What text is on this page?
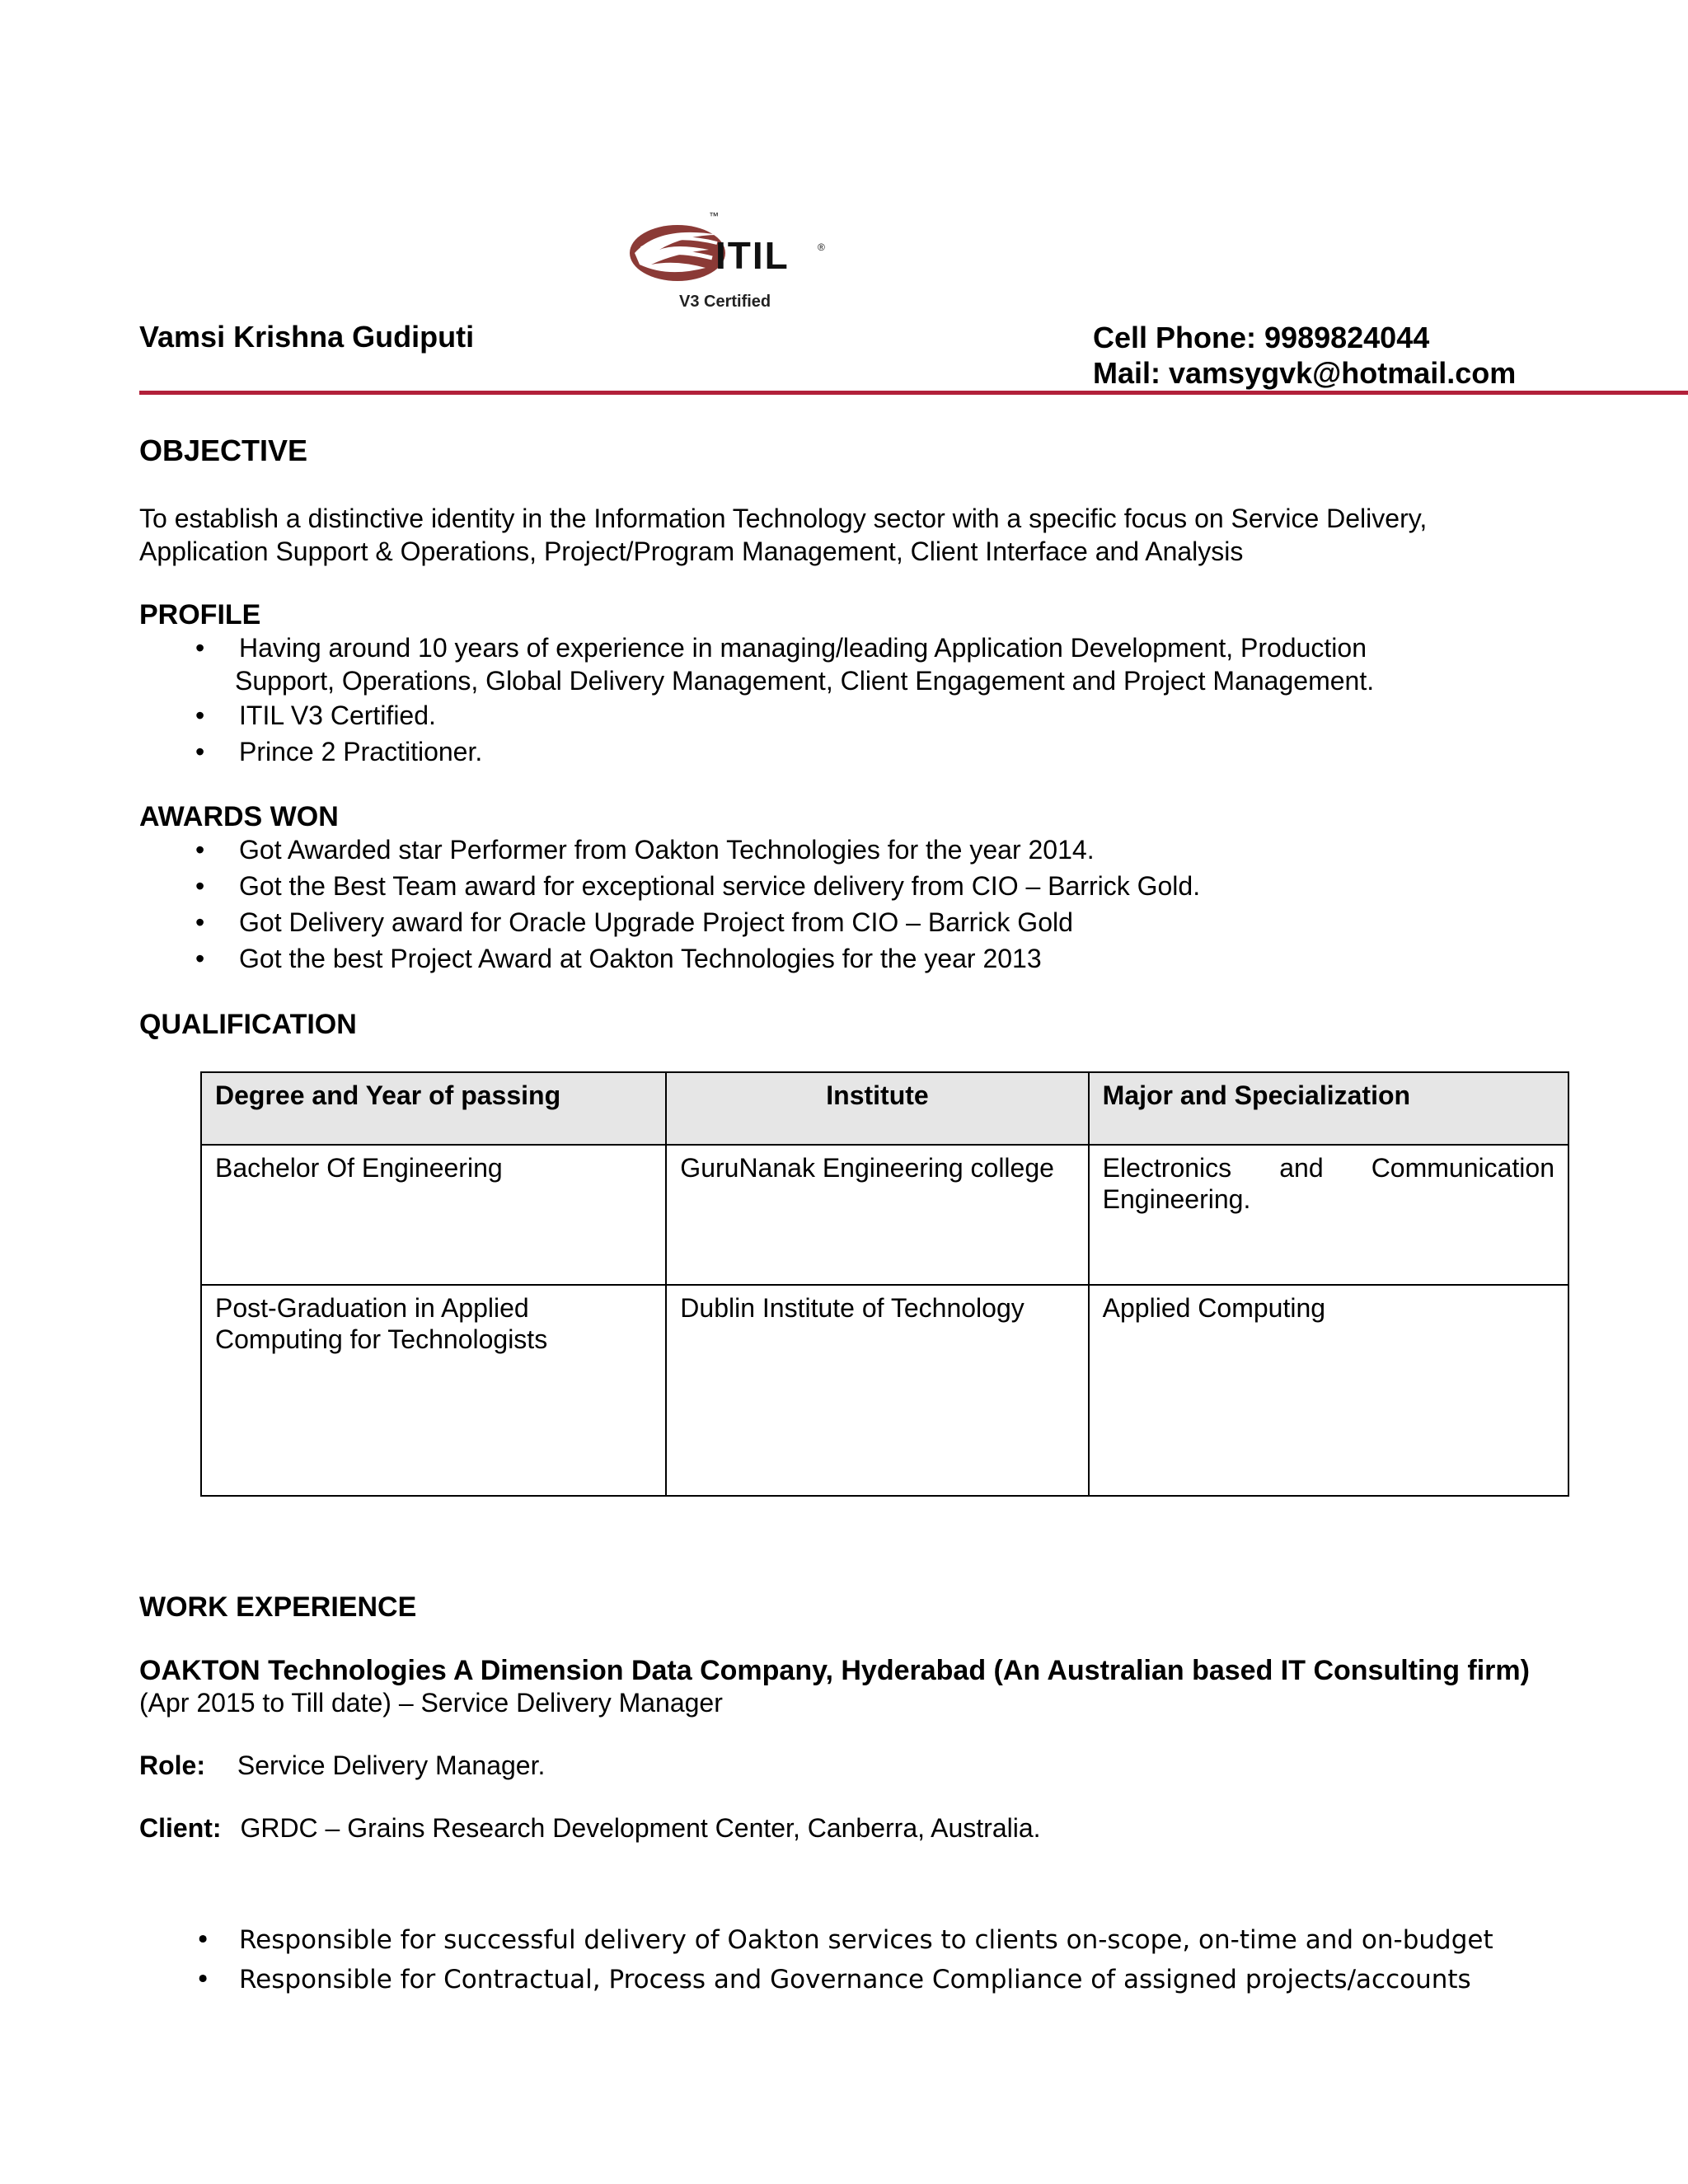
ITIL
™
®
V3 Certified
Vamsi Krishna Gudiputi	Cell Phone: 9989824044
Mail: vamsygvk@hotmail.com
OBJECTIVE
To establish a distinctive identity in the Information Technology sector with a specific focus on Service Delivery,
Application Support & Operations, Project/Program Management, Client Interface and Analysis
PROFILE
• Having around 10 years of experience in managing/leading Application Development, Production
Support, Operations, Global Delivery Management, Client Engagement and Project Management.
• ITIL V3 Certified.
• Prince 2 Practitioner.
AWARDS WON
• Got Awarded star Performer from Oakton Technologies for the year 2014.
• Got the Best Team award for exceptional service delivery from CIO – Barrick Gold.
• Got Delivery award for Oracle Upgrade Project from CIO – Barrick Gold
• Got the best Project Award at Oakton Technologies for the year 2013
QUALIFICATION
Degree and Year of passing	Institute	Major and Specialization
Bachelor Of Engineering	GuruNanak Engineering college	Electronics and Communication Engineering.
Post-Graduation in Applied Computing for Technologists	Dublin Institute of Technology	Applied Computing
WORK EXPERIENCE
OAKTON Technologies A Dimension Data Company, Hyderabad (An Australian based IT Consulting firm)
(Apr 2015 to Till date) – Service Delivery Manager
Role: Service Delivery Manager.
Client: GRDC – Grains Research Development Center, Canberra, Australia.
• Responsible for successful delivery of Oakton services to clients on-scope, on-time and on-budget
• Responsible for Contractual, Process and Governance Compliance of assigned projects/accounts
